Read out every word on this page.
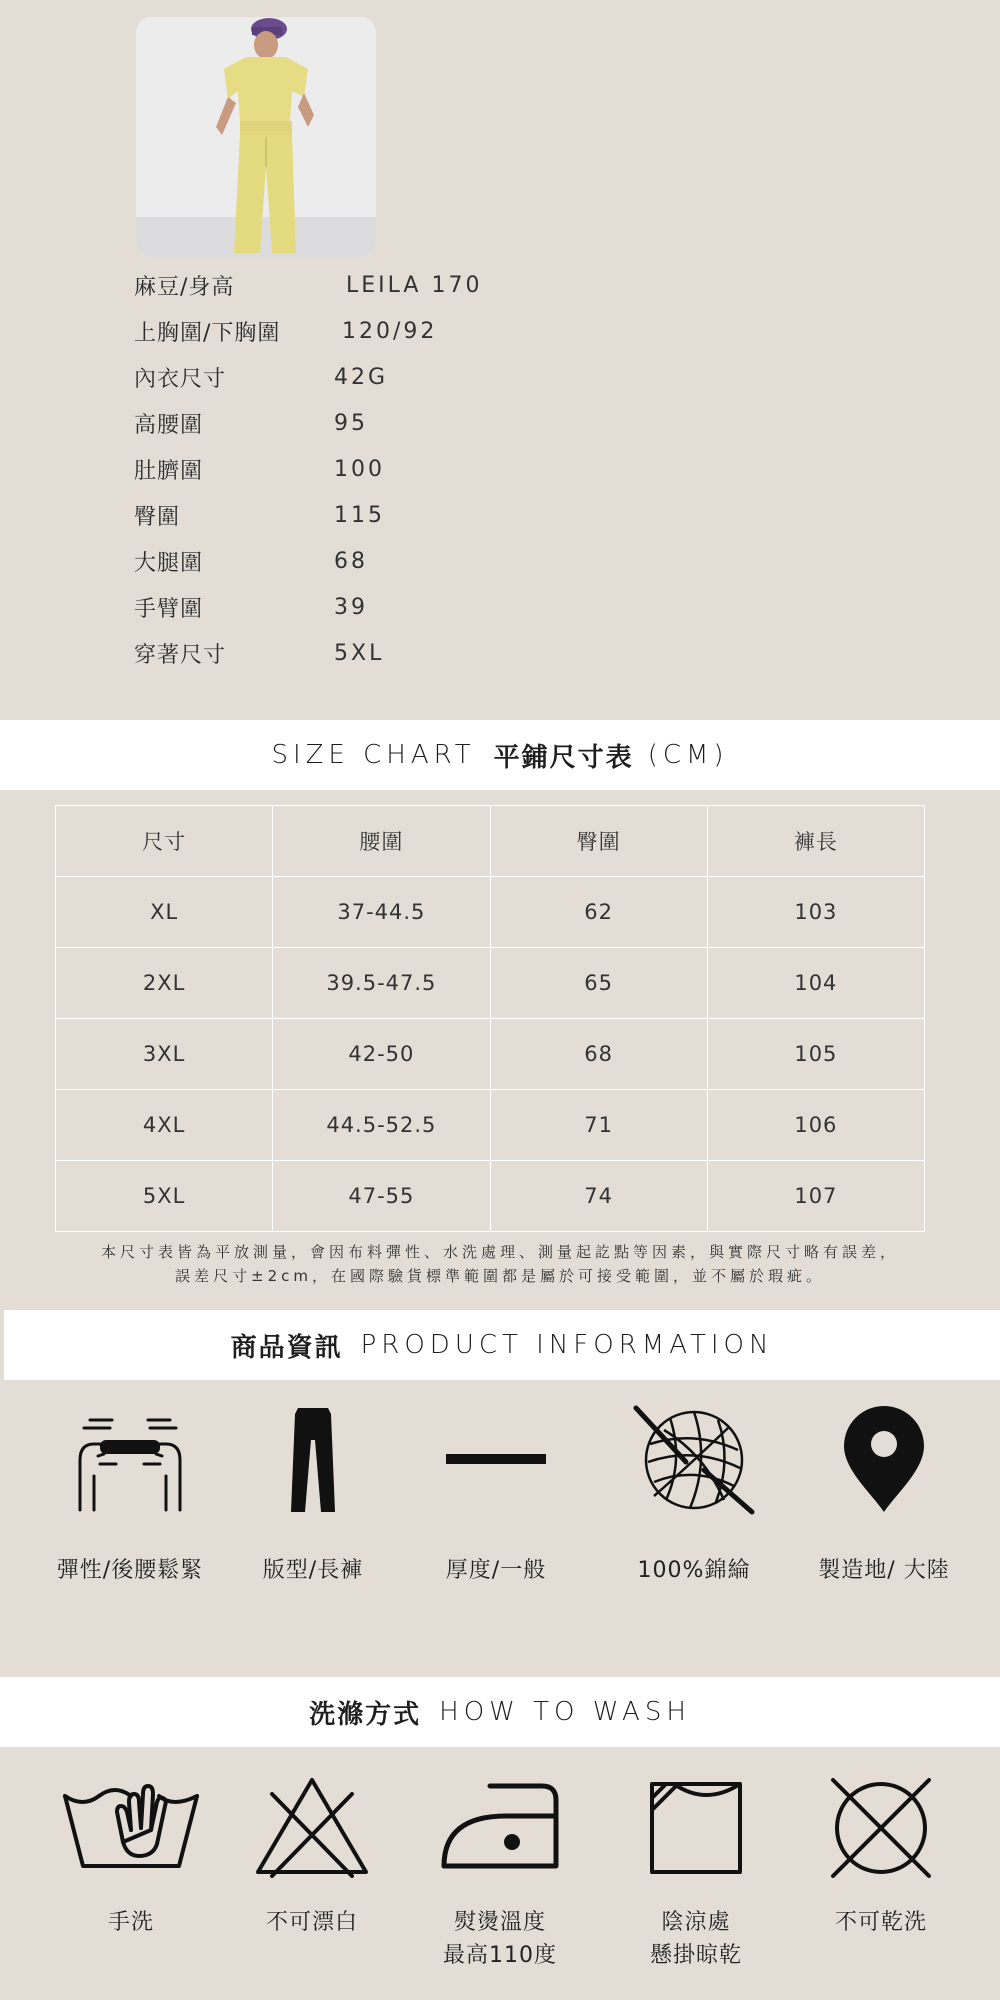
麻豆/身高	LEILA 170
上胸圍/下胸圍	120/92
內衣尺寸	42G
高腰圍	95
肚臍圍	100
臀圍	115
大腿圍	68
手臂圍	39
穿著尺寸	5XL
SIZE CHART 平鋪尺寸表 (CM)
尺寸	腰圍	臀圍	褲長
XL	37-44.5	62	103
2XL	39.5-47.5	65	104
3XL	42-50	68	105
4XL	44.5-52.5	71	106
5XL	47-55	74	107
本尺寸表皆為平放測量，會因布料彈性、水洗處理、測量起訖點等因素，與實際尺寸略有誤差，
誤差尺寸±2cm，在國際驗貨標準範圍都是屬於可接受範圍，並不屬於瑕疵。
商品資訊 PRODUCT INFORMATION
彈性/後腰鬆緊	版型/長褲	厚度/一般	100%錦綸	製造地/ 大陸
洗滌方式 HOW TO WASH
手洗	不可漂白	熨燙溫度
最高110度
陰涼處
懸掛晾乾
不可乾洗
